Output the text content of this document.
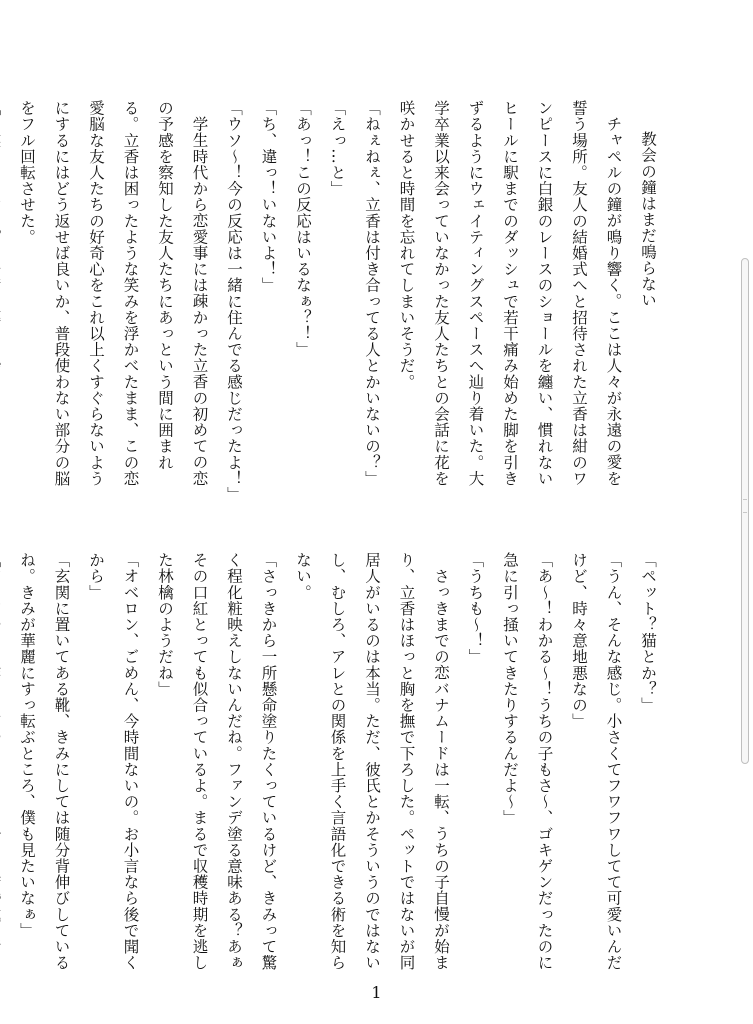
教会の鐘はまだ鳴らない

チャペルの鐘が鳴り響く。ここは人々が永遠の愛を誓う場所。友人の結婚式へと招待された立香は紺のワンピースに白銀のレースのショールを纏い、慣れないヒールに駅までのダッシュで若干痛み始めた脚を引きずるようにウェイティングスペースへ辿り着いた。大学卒業以来会っていなかった友人たちとの会話に花を咲かせると時間を忘れてしまいそうだ。

「ねぇねぇ、立香は付き合ってる人とかいないの？」

「えっ…と」

「あっ！この反応はいるなぁ？！」

「ち、違っ！いないよ！」

「ウソ〜！今の反応は一緒に住んでる感じだったよ！」

学生時代から恋愛事には疎かった立香の初めての恋の予感を察知した友人たちにあっという間に囲まれる。立香は困ったような笑みを浮かべたまま、この恋愛脳な友人たちの好奇心をこれ以上くすぐらないようにするにはどう返せば良いか、普段使わない部分の脳をフル回転させた。

「ペット？猫とか？」

「うん、そんな感じ。小さくてフワフワしてて可愛いんだけど、時々意地悪なの」

「あ〜！わかる〜！うちの子もさ〜、ゴキゲンだったのに急に引っ掻いてきたりするんだよ〜」

「うちも〜！」

さっきまでの恋バナムードは一転、うちの子自慢が始まり、立香はほっと胸を撫で下ろした。ペットではないが同居人がいるのは本当。ただ、彼氏とかそういうのではないし、むしろ、アレとの関係を上手く言語化できる術を知らない。

「さっきから一所懸命塗りたくっているけど、きみって驚く程化粧映えしないんだね。ファンデ塗る意味ある？あぁその口紅とっても似合っているよ。まるで収穫時期を逃した林檎のようだね」

「オベロン、ごめん、今時間ないの。お小言なら後で聞くから」

「玄関に置いてある靴、きみにしては随分背伸びしているね。きみが華麗にすっ転ぶところ、僕も見たいなぁ」

1
